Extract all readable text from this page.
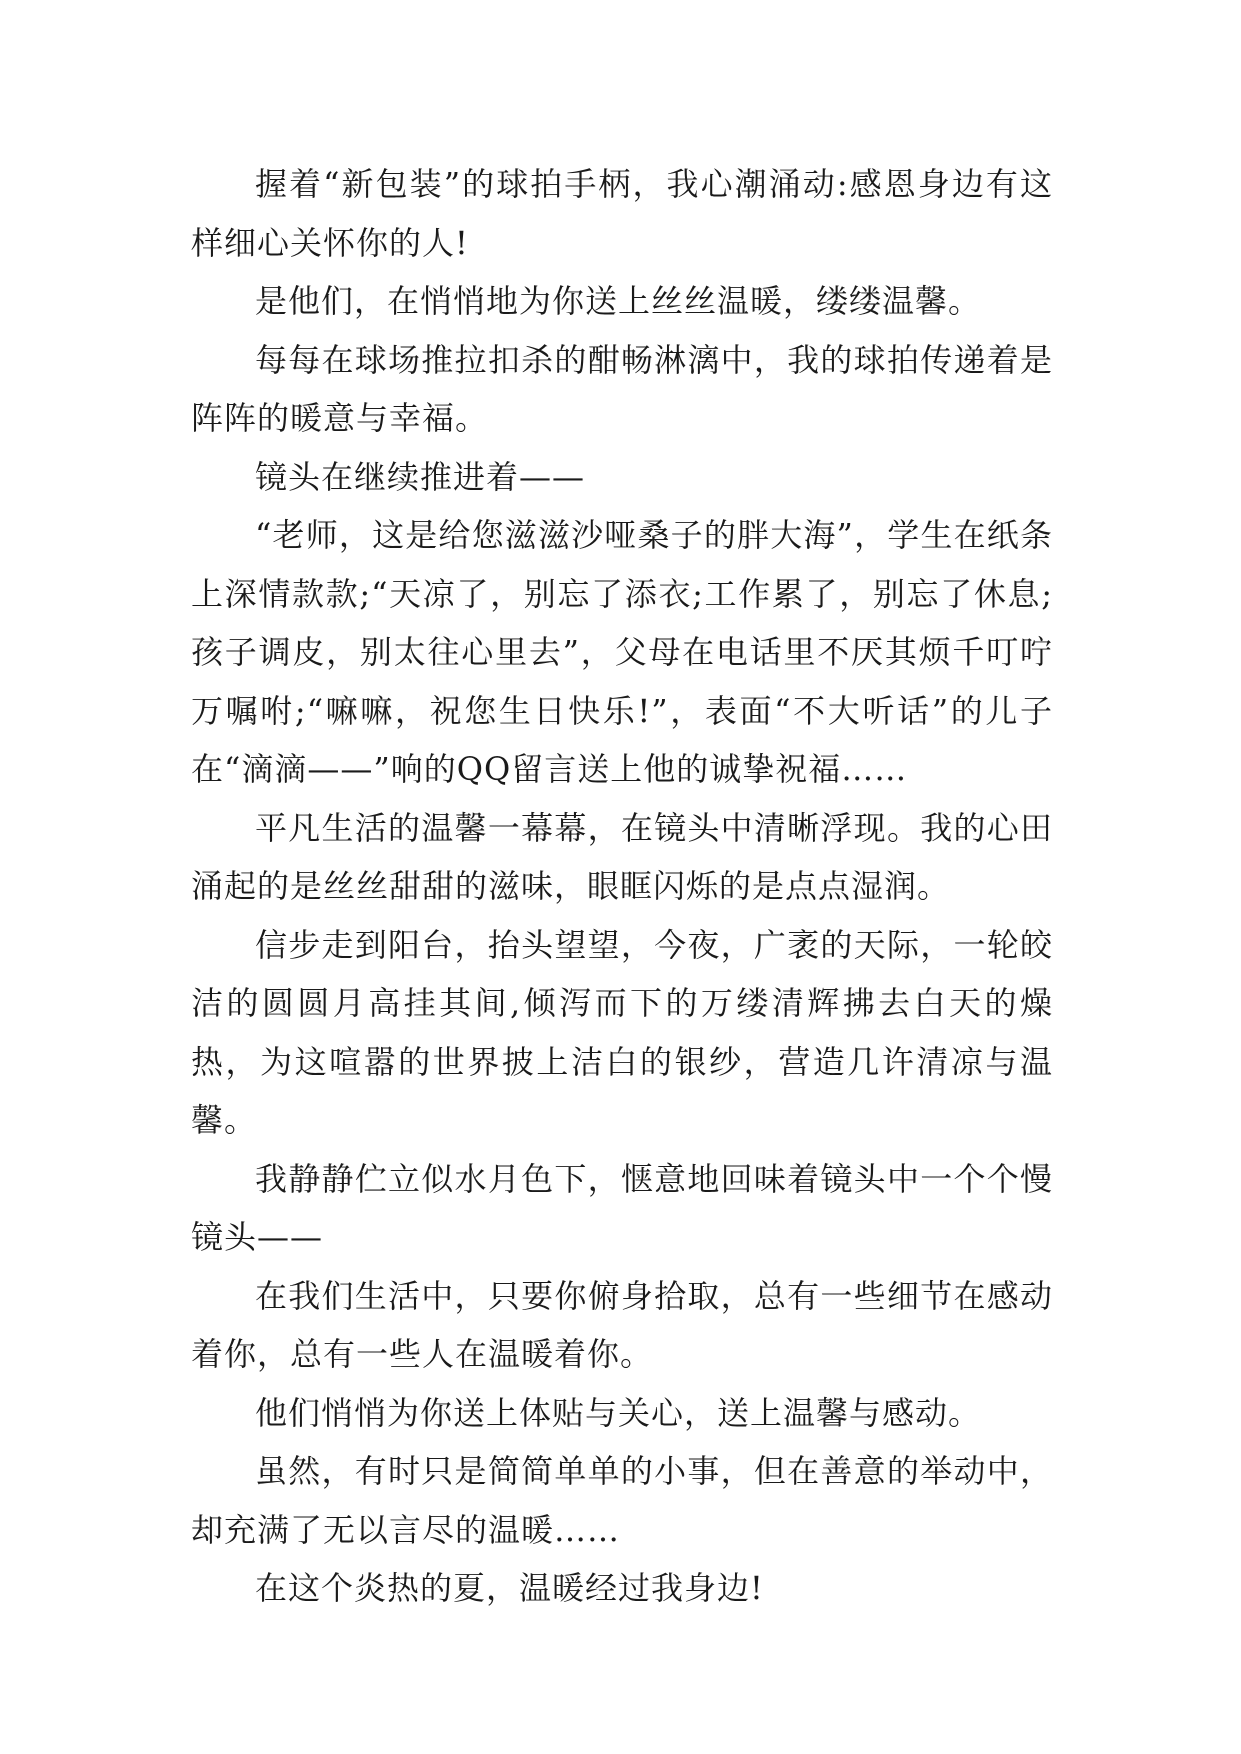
握着“新包装”的球拍手柄，我心潮涌动:感恩身边有这样细心关怀你的人!

是他们，在悄悄地为你送上丝丝温暖，缕缕温馨。

每每在球场推拉扣杀的酣畅淋漓中，我的球拍传递着是阵阵的暖意与幸福。

镜头在继续推进着——

“老师，这是给您滋滋沙哑桑子的胖大海”，学生在纸条上深情款款;“天凉了，别忘了添衣;工作累了，别忘了休息;孩子调皮，别太往心里去”，父母在电话里不厌其烦千叮咛万嘱咐;“嘛嘛，祝您生日快乐!”，表面“不大听话”的儿子在“滴滴——”响的QQ留言送上他的诚挚祝福……

平凡生活的温馨一幕幕，在镜头中清晰浮现。我的心田涌起的是丝丝甜甜的滋味，眼眶闪烁的是点点湿润。

信步走到阳台，抬头望望，今夜，广袤的天际，一轮皎洁的圆圆月高挂其间,倾泻而下的万缕清辉拂去白天的燥热，为这喧嚣的世界披上洁白的银纱，营造几许清凉与温馨。

我静静伫立似水月色下，惬意地回味着镜头中一个个慢镜头——

在我们生活中，只要你俯身拾取，总有一些细节在感动着你，总有一些人在温暖着你。

他们悄悄为你送上体贴与关心，送上温馨与感动。

虽然，有时只是简简单单的小事，但在善意的举动中，却充满了无以言尽的温暖……

在这个炎热的夏，温暖经过我身边!
